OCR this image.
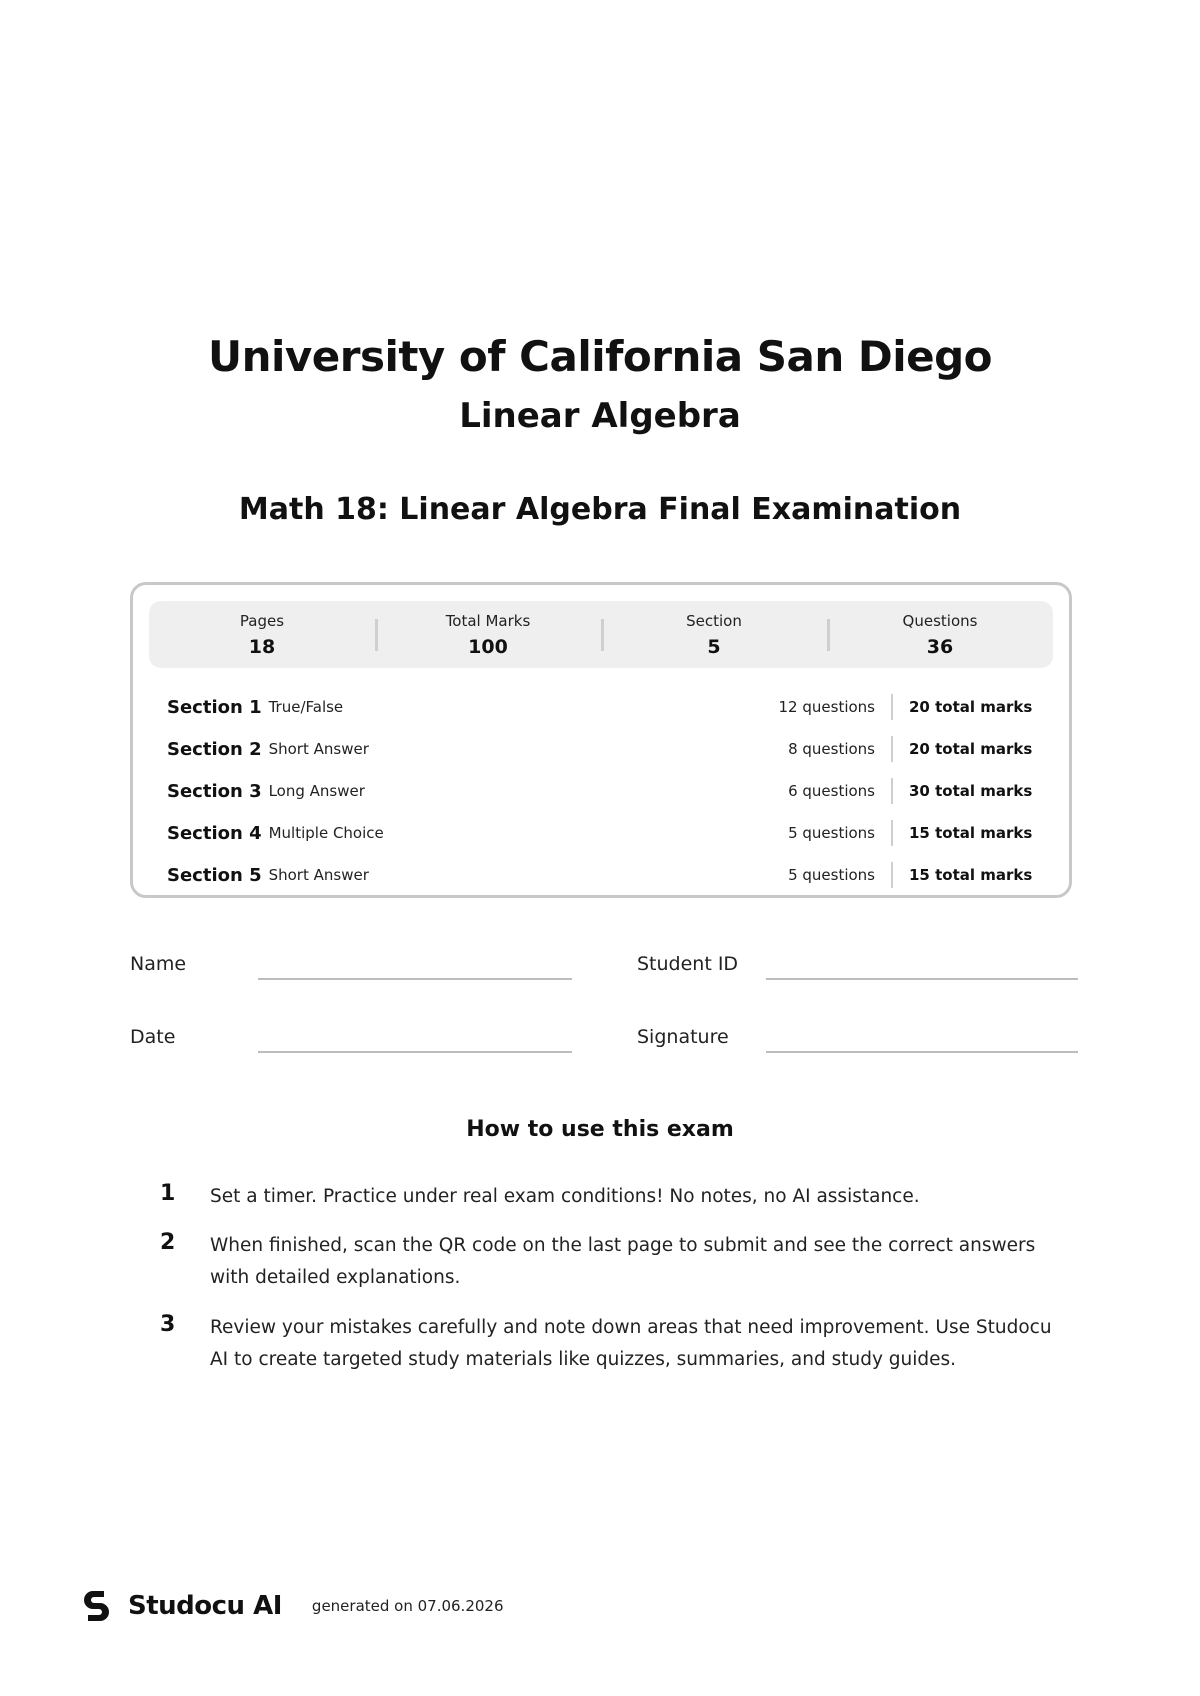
University of California San Diego
Linear Algebra
Math 18: Linear Algebra Final Examination
Pages
18
Total Marks
100
Section
5
Questions
36
Section 1 True/False	12 questions	20 total marks
Section 2 Short Answer	8 questions	20 total marks
Section 3 Long Answer	6 questions	30 total marks
Section 4 Multiple Choice	5 questions	15 total marks
Section 5 Short Answer	5 questions	15 total marks
Name	Student ID
Date	Signature
How to use this exam
1 Set a timer. Practice under real exam conditions! No notes, no AI assistance.
2 When finished, scan the QR code on the last page to submit and see the correct answers with detailed explanations.
3 Review your mistakes carefully and note down areas that need improvement. Use Studocu AI to create targeted study materials like quizzes, summaries, and study guides.
Studocu AI generated on 07.06.2026
